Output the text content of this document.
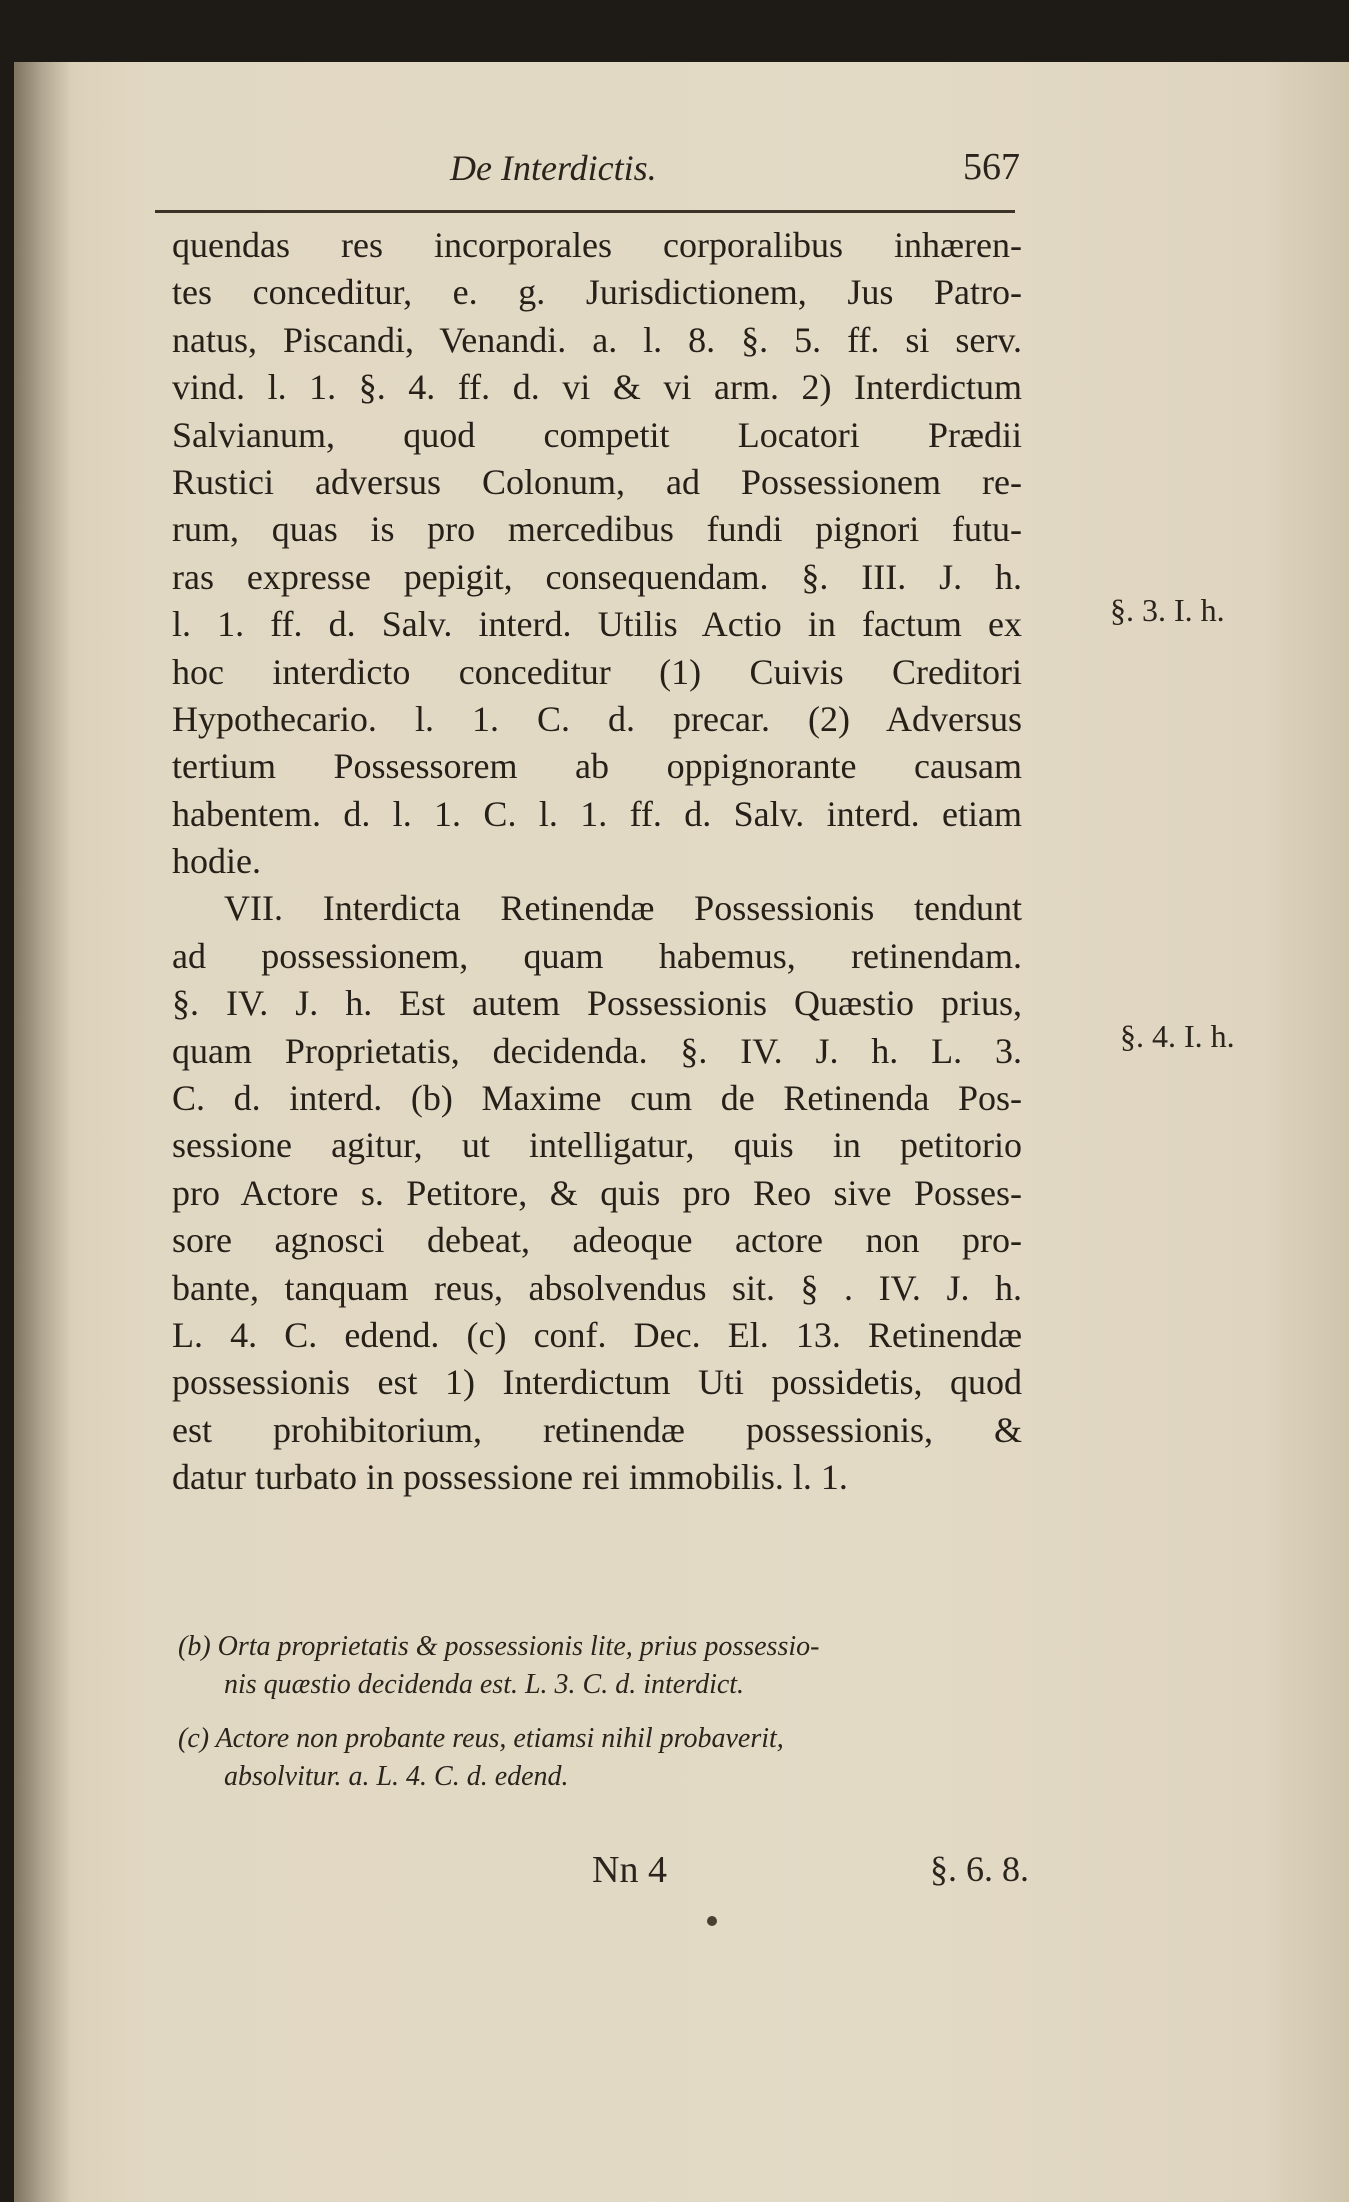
De Interdictis.	567
quendas res incorporales corporalibus inhæren-
tes conceditur, e. g. Jurisdictionem, Jus Patro-
natus, Piscandi, Venandi. a. l. 8. §. 5. ff. si serv.
vind. l. 1. §. 4. ff. d. vi & vi arm. 2) Interdictum
Salvianum, quod competit Locatori Prædii
Rustici adversus Colonum, ad Possessionem re-
rum, quas is pro mercedibus fundi pignori futu-
ras expresse pepigit, consequendam. §. III. J. h.
l. 1. ff. d. Salv. interd. Utilis Actio in factum ex
hoc interdicto conceditur (1) Cuivis Creditori
Hypothecario. l. 1. C. d. precar. (2) Adversus
tertium Possessorem ab oppignorante causam
habentem. d. l. 1. C. l. 1. ff. d. Salv. interd. etiam
hodie.
VII. Interdicta Retinendæ Possessionis tendunt
ad possessionem, quam habemus, retinendam.
§. IV. J. h. Est autem Possessionis Quæstio prius,
quam Proprietatis, decidenda. §. IV. J. h. L. 3.
C. d. interd. (b) Maxime cum de Retinenda Pos-
sessione agitur, ut intelligatur, quis in petitorio
pro Actore s. Petitore, & quis pro Reo sive Posses-
sore agnosci debeat, adeoque actore non pro-
bante, tanquam reus, absolvendus sit. § . IV. J. h.
L. 4. C. edend. (c) conf. Dec. El. 13. Retinendæ
possessionis est 1) Interdictum Uti possidetis, quod
est prohibitorium, retinendæ possessionis, &
datur turbato in possessione rei immobilis. l. 1.
§. 3. I. h.
§. 4. I. h.
(b) Orta proprietatis & possessionis lite, prius possessio-
nis quæstio decidenda est. L. 3. C. d. interdict.
(c) Actore non probante reus, etiamsi nihil probaverit,
absolvitur. a. L. 4. C. d. edend.
Nn 4	§. 6. 8.
